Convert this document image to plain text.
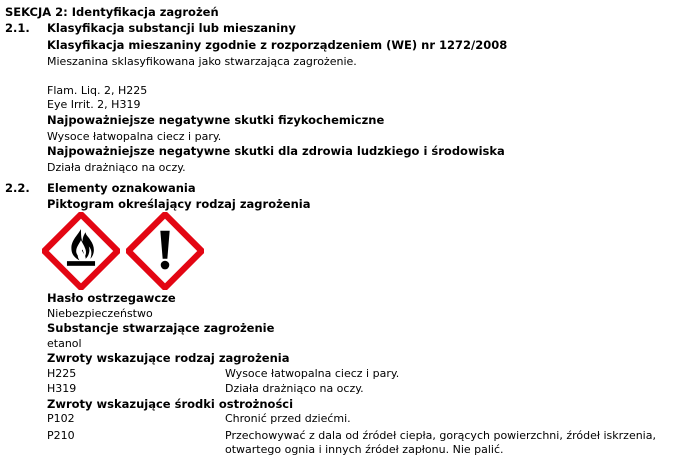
SEKCJA 2: Identyfikacja zagrożeń
2.1. Klasyfikacja substancji lub mieszaniny
Klasyfikacja mieszaniny zgodnie z rozporządzeniem (WE) nr 1272/2008
Mieszanina sklasyfikowana jako stwarzająca zagrożenie.
Flam. Liq. 2, H225
Eye Irrit. 2, H319
Najpoważniejsze negatywne skutki fizykochemiczne
Wysoce łatwopalna ciecz i pary.
Najpoważniejsze negatywne skutki dla zdrowia ludzkiego i środowiska
Działa drażniąco na oczy.
2.2. Elementy oznakowania
Piktogram określający rodzaj zagrożenia
Hasło ostrzegawcze
Niebezpieczeństwo
Substancje stwarzające zagrożenie
etanol
Zwroty wskazujące rodzaj zagrożenia
H225	Wysoce łatwopalna ciecz i pary.
H319	Działa drażniąco na oczy.
Zwroty wskazujące środki ostrożności
P102	Chronić przed dziećmi.
P210	Przechowywać z dala od źródeł ciepła, gorących powierzchni, źródeł iskrzenia,
otwartego ognia i innych źródeł zapłonu. Nie palić.
